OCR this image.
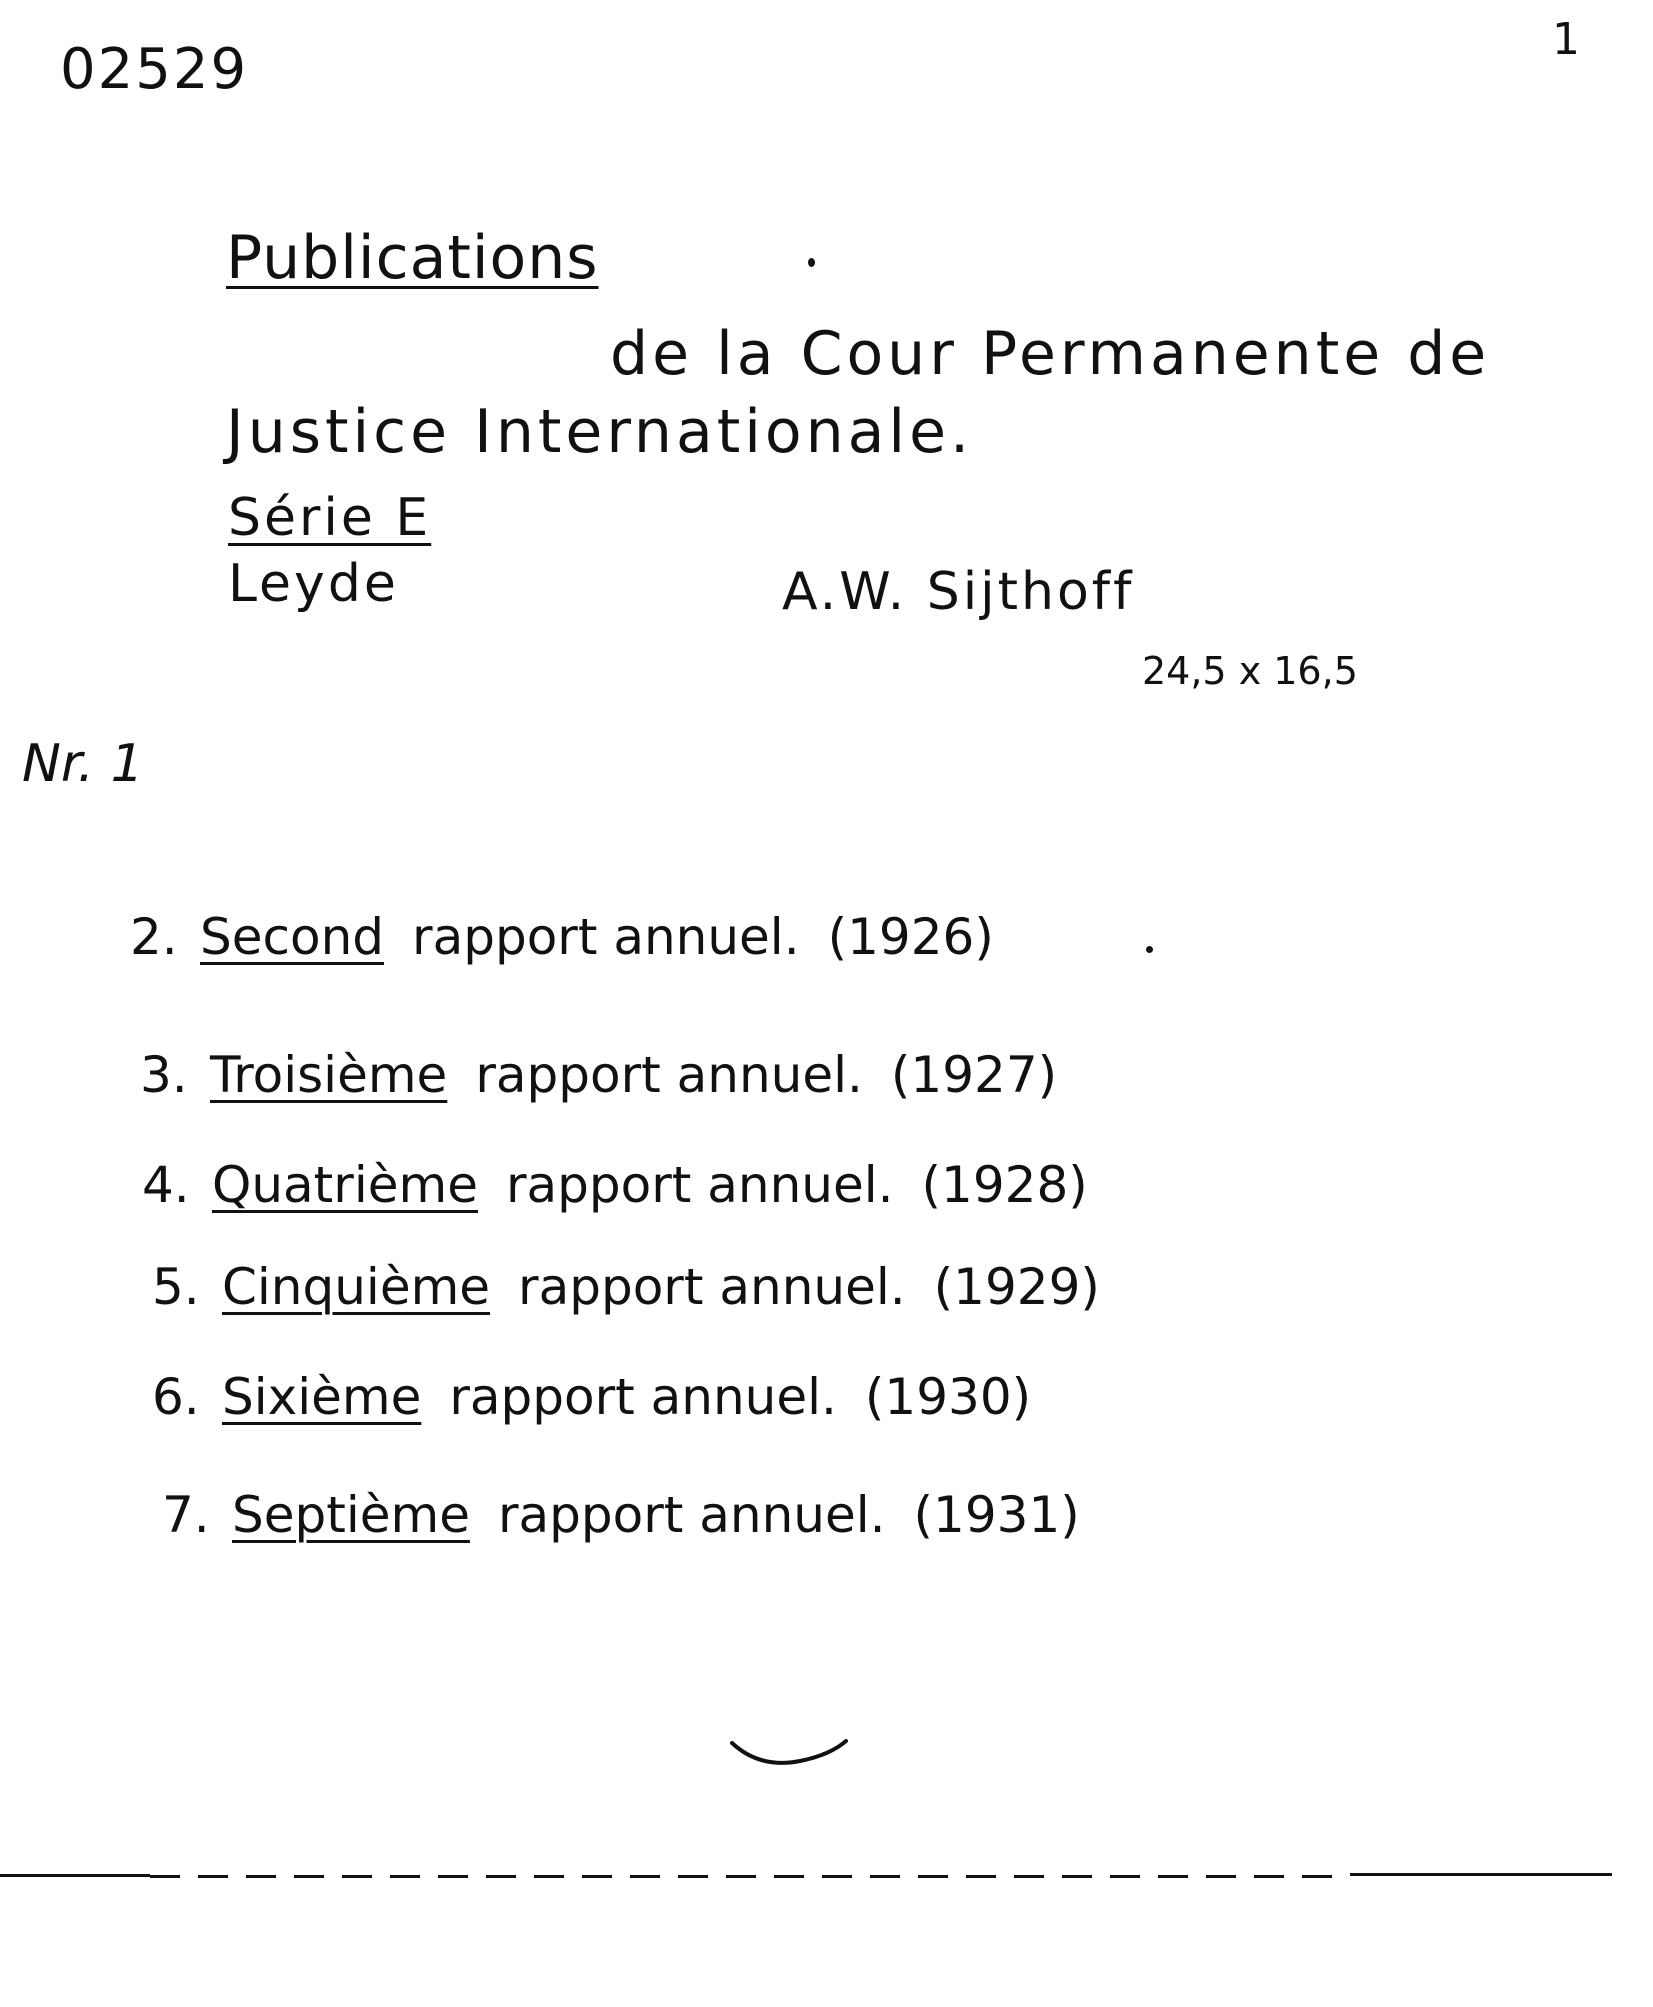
02529	1
Publications
de la Cour Permanente de
Justice Internationale.
Série E
Leyde	A.W. Sijthoff
24,5 x 16,5
Nr. 1
2. Second rapport annuel. (1926)
3. Troisième rapport annuel. (1927)
4. Quatrième rapport annuel. (1928)
5. Cinquième rapport annuel. (1929)
6. Sixième rapport annuel. (1930)
7. Septième rapport annuel. (1931)
